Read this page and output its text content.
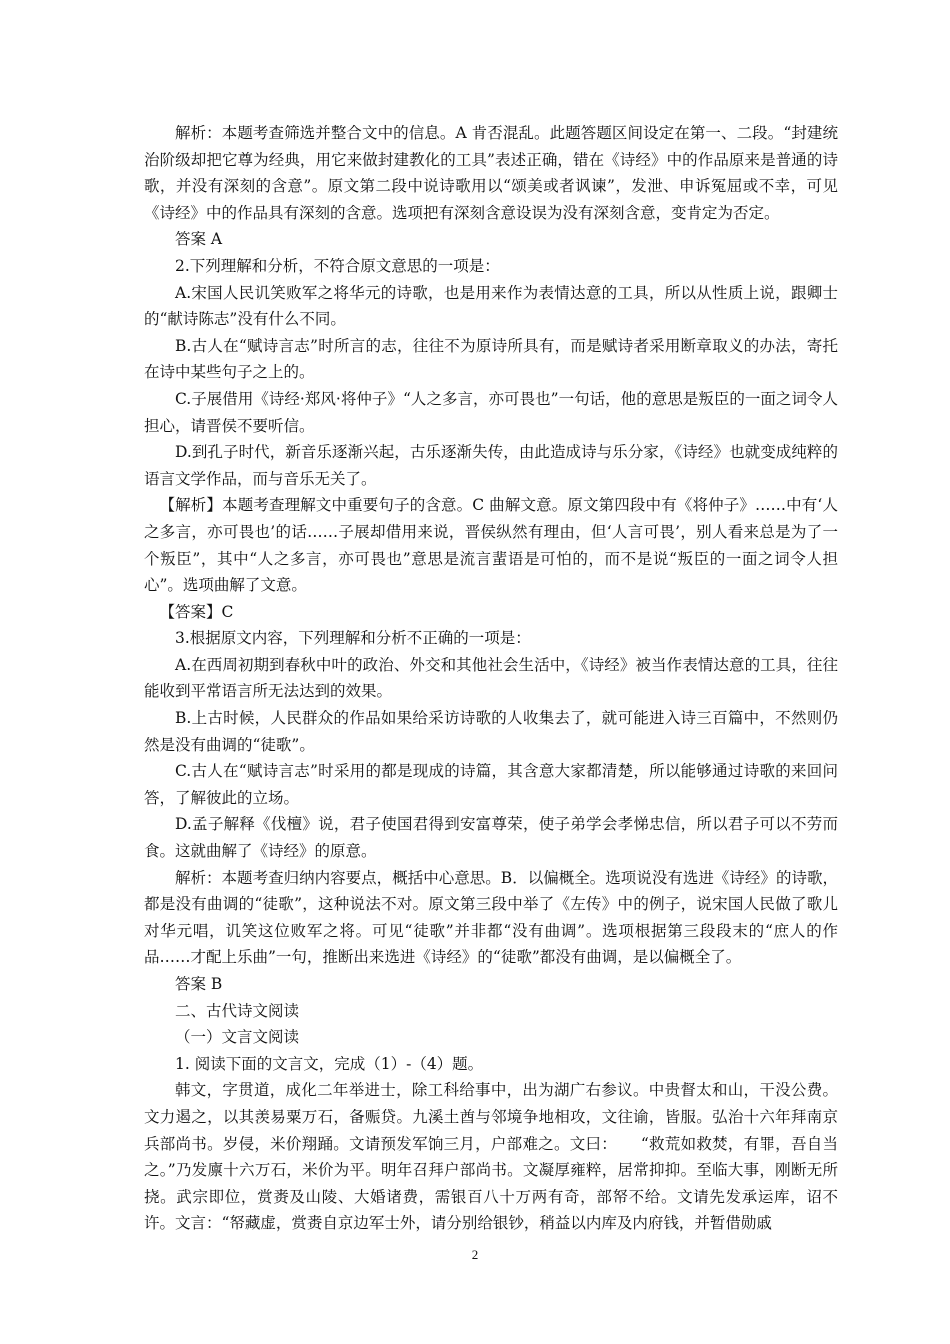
解析：本题考查筛选并整合文中的信息。A 肯否混乱。此题答题区间设定在第一、二段。“封建统治阶级却把它尊为经典，用它来做封建教化的工具”表述正确，错在《诗经》中的作品原来是普通的诗歌，并没有深刻的含意”。原文第二段中说诗歌用以“颂美或者讽谏”，发泄、申诉冤屈或不幸，可见《诗经》中的作品具有深刻的含意。选项把有深刻含意设误为没有深刻含意，变肯定为否定。

答案 A

2.下列理解和分析，不符合原文意思的一项是：

A.宋国人民讥笑败军之将华元的诗歌，也是用来作为表情达意的工具，所以从性质上说，跟卿士的“献诗陈志”没有什么不同。

B.古人在“赋诗言志”时所言的志，往往不为原诗所具有，而是赋诗者采用断章取义的办法，寄托在诗中某些句子之上的。

C.子展借用《诗经·郑风·将仲子》“人之多言，亦可畏也”一句话，他的意思是叛臣的一面之词令人担心，请晋侯不要听信。

D.到孔子时代，新音乐逐渐兴起，古乐逐渐失传，由此造成诗与乐分家，《诗经》也就变成纯粹的语言文学作品，而与音乐无关了。

【解析】本题考查理解文中重要句子的含意。C 曲解文意。原文第四段中有《将仲子》……中有‘人之多言，亦可畏也’的话……子展却借用来说，晋侯纵然有理由，但‘人言可畏’，别人看来总是为了一个叛臣”，其中“人之多言，亦可畏也”意思是流言蜚语是可怕的，而不是说“叛臣的一面之词令人担心”。选项曲解了文意。

【答案】C

3.根据原文内容，下列理解和分析不正确的一项是：

A.在西周初期到春秋中叶的政治、外交和其他社会生活中，《诗经》被当作表情达意的工具，往往能收到平常语言所无法达到的效果。

B.上古时候，人民群众的作品如果给采访诗歌的人收集去了，就可能进入诗三百篇中，不然则仍然是没有曲调的“徒歌”。

C.古人在“赋诗言志”时采用的都是现成的诗篇，其含意大家都清楚，所以能够通过诗歌的来回问答，了解彼此的立场。

D.孟子解释《伐檀》说，君子使国君得到安富尊荣，使子弟学会孝悌忠信，所以君子可以不劳而食。这就曲解了《诗经》的原意。

解析：本题考查归纳内容要点，概括中心意思。B．以偏概全。选项说没有选进《诗经》的诗歌，都是没有曲调的“徒歌”，这种说法不对。原文第三段中举了《左传》中的例子，说宋国人民做了歌儿对华元唱，讥笑这位败军之将。可见“徒歌”并非都“没有曲调”。选项根据第三段段末的“庶人的作品……才配上乐曲”一句，推断出来选进《诗经》的“徒歌”都没有曲调，是以偏概全了。

答案 B

二、古代诗文阅读

（一）文言文阅读

1. 阅读下面的文言文，完成（1）-（4）题。

韩文，字贯道，成化二年举进士，除工科给事中，出为湖广右参议。中贵督太和山，干没公费。文力遏之，以其羡易粟万石，备赈贷。九溪土酋与邻境争地相攻，文往谕，皆服。弘治十六年拜南京兵部尚书。岁侵，米价翔踊。文请预发军饷三月，户部难之。文曰：　　“救荒如救焚，有罪，吾自当之。”乃发廪十六万石，米价为平。明年召拜户部尚书。文凝厚雍粹，居常抑抑。至临大事，刚断无所挠。武宗即位，赏赉及山陵、大婚诸费，需银百八十万两有奇，部帑不给。文请先发承运库，诏不许。文言：“帑藏虚，赏赉自京边军士外，请分别给银钞，稍益以内库及内府钱，并暂借勋戚

2
